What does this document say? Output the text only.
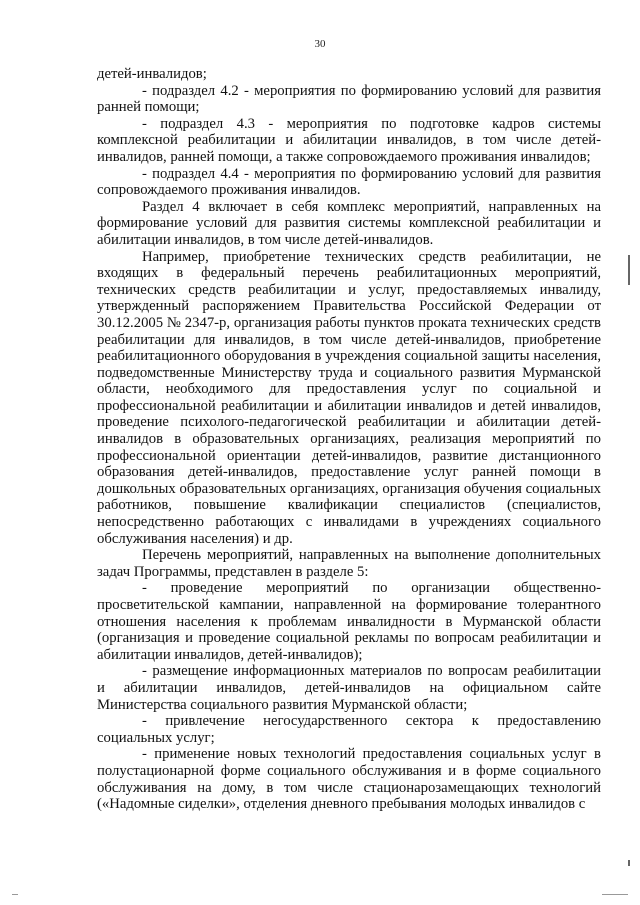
30

детей-инвалидов;

- подраздел 4.2 - мероприятия по формированию условий для развития ранней помощи;

- подраздел 4.3 - мероприятия по подготовке кадров системы комплексной реабилитации и абилитации инвалидов, в том числе детей-инвалидов, ранней помощи, а также сопровождаемого проживания инвалидов;

- подраздел 4.4 - мероприятия по формированию условий для развития сопровождаемого проживания инвалидов.

Раздел 4 включает в себя комплекс мероприятий, направленных на формирование условий для развития системы комплексной реабилитации и абилитации инвалидов, в том числе детей-инвалидов.

Например, приобретение технических средств реабилитации, не входящих в федеральный перечень реабилитационных мероприятий, технических средств реабилитации и услуг, предоставляемых инвалиду, утвержденный распоряжением Правительства Российской Федерации от 30.12.2005 № 2347-р, организация работы пунктов проката технических средств реабилитации для инвалидов, в том числе детей-инвалидов, приобретение реабилитационного оборудования в учреждения социальной защиты населения, подведомственные Министерству труда и социального развития Мурманской области, необходимого для предоставления услуг по социальной и профессиональной реабилитации и абилитации инвалидов и детей инвалидов, проведение психолого-педагогической реабилитации и абилитации детей-инвалидов в образовательных организациях, реализация мероприятий по профессиональной ориентации детей-инвалидов, развитие дистанционного образования детей-инвалидов, предоставление услуг ранней помощи в дошкольных образовательных организациях, организация обучения социальных работников, повышение квалификации специалистов (специалистов, непосредственно работающих с инвалидами в учреждениях социального обслуживания населения) и др.

Перечень мероприятий, направленных на выполнение дополнительных задач Программы, представлен в разделе 5:

- проведение мероприятий по организации общественно-просветительской кампании, направленной на формирование толерантного отношения населения к проблемам инвалидности в Мурманской области (организация и проведение социальной рекламы по вопросам реабилитации и абилитации инвалидов, детей-инвалидов);

- размещение информационных материалов по вопросам реабилитации и абилитации инвалидов, детей-инвалидов на официальном сайте Министерства социального развития Мурманской области;

- привлечение негосударственного сектора к предоставлению социальных услуг;

- применение новых технологий предоставления социальных услуг в полустационарной форме социального обслуживания и в форме социального обслуживания на дому, в том числе стационарозамещающих технологий («Надомные сиделки», отделения дневного пребывания молодых инвалидов с
